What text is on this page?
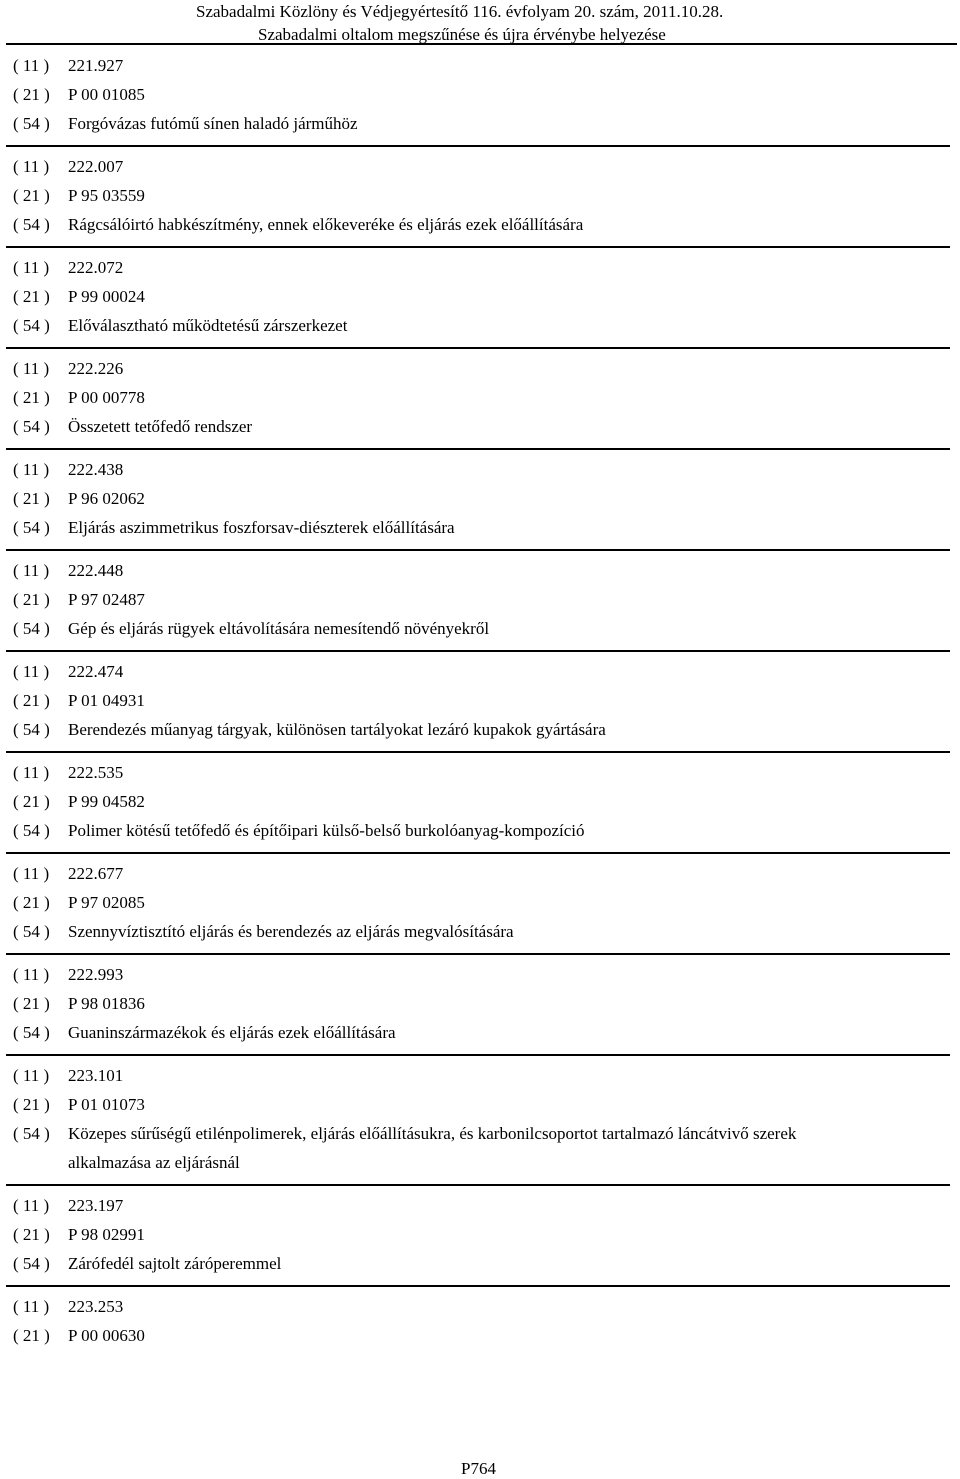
Szabadalmi Közlöny és Védjegyértesítő 116. évfolyam 20. szám, 2011.10.28.
Szabadalmi oltalom megszűnése és újra érvénybe helyezése
( 11 )	221.927
( 21 )	P 00 01085
( 54 )	Forgóvázas futómű sínen haladó járműhöz
( 11 )	222.007
( 21 )	P 95 03559
( 54 )	Rágcsálóirtó habkészítmény, ennek előkeveréke és eljárás ezek előállítására
( 11 )	222.072
( 21 )	P 99 00024
( 54 )	Előválasztható működtetésű zárszerkezet
( 11 )	222.226
( 21 )	P 00 00778
( 54 )	Összetett tetőfedő rendszer
( 11 )	222.438
( 21 )	P 96 02062
( 54 )	Eljárás aszimmetrikus foszforsav-diészterek előállítására
( 11 )	222.448
( 21 )	P 97 02487
( 54 )	Gép és eljárás rügyek eltávolítására nemesítendő növényekről
( 11 )	222.474
( 21 )	P 01 04931
( 54 )	Berendezés műanyag tárgyak, különösen tartályokat lezáró kupakok gyártására
( 11 )	222.535
( 21 )	P 99 04582
( 54 )	Polimer kötésű tetőfedő és építőipari külső-belső burkolóanyag-kompozíció
( 11 )	222.677
( 21 )	P 97 02085
( 54 )	Szennyvíztisztító eljárás és berendezés az eljárás megvalósítására
( 11 )	222.993
( 21 )	P 98 01836
( 54 )	Guaninszármazékok és eljárás ezek előállítására
( 11 )	223.101
( 21 )	P 01 01073
( 54 )	Közepes sűrűségű etilénpolimerek, eljárás előállításukra, és karbonilcsoportot tartalmazó láncátvivő szerek alkalmazása az eljárásnál
( 11 )	223.197
( 21 )	P 98 02991
( 54 )	Zárófedél sajtolt záróperemmel
( 11 )	223.253
( 21 )	P 00 00630
P764
